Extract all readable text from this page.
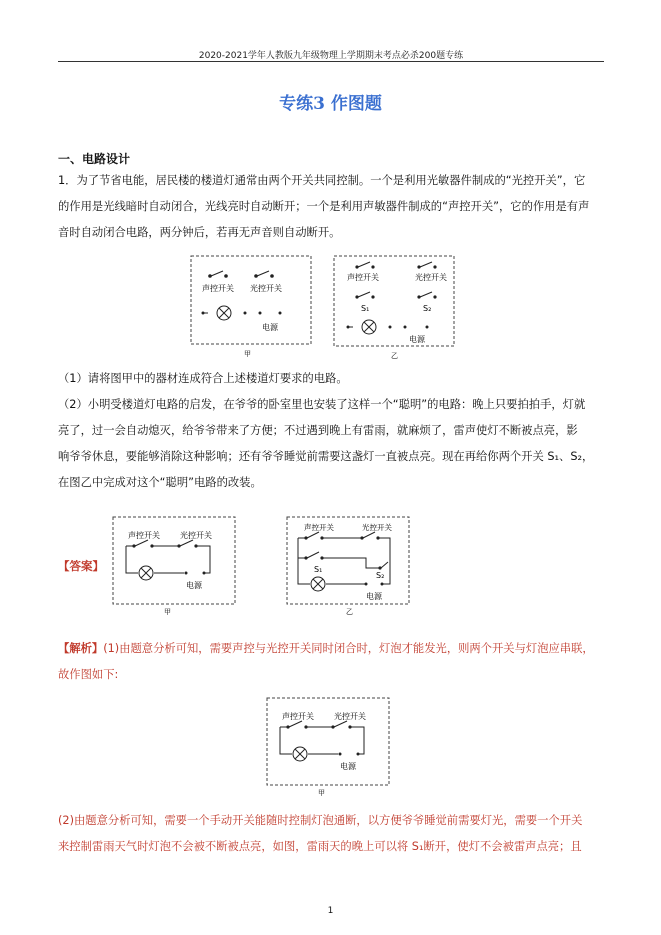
2020-2021学年人教版九年级物理上学期期末考点必杀200题专练
专练3 作图题
一、电路设计
1．为了节省电能，居民楼的楼道灯通常由两个开关共同控制。一个是利用光敏器件制成的“光控开关”，它
的作用是光线暗时自动闭合，光线亮时自动断开；一个是利用声敏器件制成的“声控开关”，它的作用是有声
音时自动闭合电路，两分钟后，若再无声音则自动断开。
声控开关 光控开关
电源
甲
声控开关	光控开关
S₁	S₂
电源
乙
（1）请将图甲中的器材连成符合上述楼道灯要求的电路。
（2）小明受楼道灯电路的启发，在爷爷的卧室里也安装了这样一个“聪明”的电路：晚上只要拍拍手，灯就
亮了，过一会自动熄灭，给爷爷带来了方便；不过遇到晚上有雷雨，就麻烦了，雷声使灯不断被点亮，影
响爷爷休息，要能够消除这种影响；还有爷爷睡觉前需要这盏灯一直被点亮。现在再给你两个开关 S₁、S₂，
在图乙中完成对这个“聪明”电路的改装。
【答案】
声控开关	光控开关
电源
甲
声控开关	光控开关
S₁
S₂
电源
乙
【解析】(1)由题意分析可知，需要声控与光控开关同时闭合时，灯泡才能发光，则两个开关与灯泡应串联，
故作图如下:
声控开关	光控开关
电源
甲
(2)由题意分析可知，需要一个手动开关能随时控制灯泡通断，以方便爷爷睡觉前需要灯光，需要一个开关
来控制雷雨天气时灯泡不会被不断被点亮，如图，雷雨天的晚上可以将 S₁断开，使灯不会被雷声点亮；且
1
